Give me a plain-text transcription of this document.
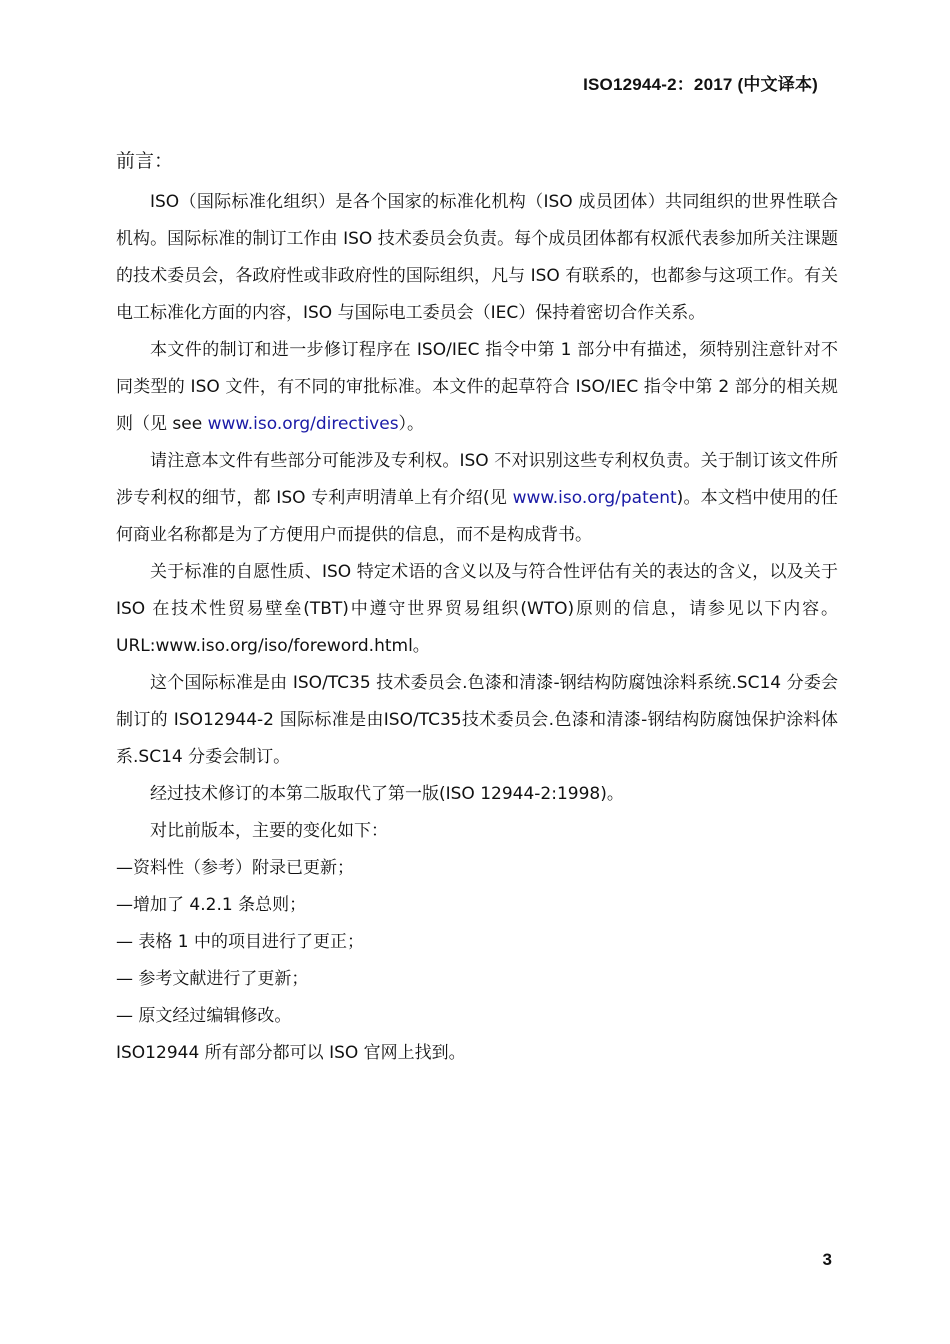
ISO12944-2：2017 (中文译本)
前言：

ISO（国际标准化组织）是各个国家的标准化机构（ISO 成员团体）共同组织的世界性联合机构。国际标准的制订工作由 ISO 技术委员会负责。每个成员团体都有权派代表参加所关注课题的技术委员会，各政府性或非政府性的国际组织，凡与 ISO 有联系的，也都参与这项工作。有关电工标准化方面的内容，ISO 与国际电工委员会（IEC）保持着密切合作关系。

本文件的制订和进一步修订程序在 ISO/IEC 指令中第 1 部分中有描述，须特别注意针对不同类型的 ISO 文件，有不同的审批标准。本文件的起草符合 ISO/IEC 指令中第 2 部分的相关规则（见 see www.iso.org/directives）。

请注意本文件有些部分可能涉及专利权。ISO 不对识别这些专利权负责。关于制订该文件所涉专利权的细节，都 ISO 专利声明清单上有介绍(见 www.iso.org/patent)。本文档中使用的任何商业名称都是为了方便用户而提供的信息，而不是构成背书。

关于标准的自愿性质、ISO 特定术语的含义以及与符合性评估有关的表达的含义，以及关于 ISO 在技术性贸易壁垒(TBT)中遵守世界贸易组织(WTO)原则的信息，请参见以下内容。URL:www.iso.org/iso/foreword.html。

这个国际标准是由 ISO/TC35 技术委员会.色漆和清漆-钢结构防腐蚀涂料系统.SC14 分委会制订的 ISO12944-2 国际标准是由ISO/TC35技术委员会.色漆和清漆-钢结构防腐蚀保护涂料体系.SC14 分委会制订。

经过技术修订的本第二版取代了第一版(ISO 12944-2:1998)。

对比前版本，主要的变化如下：

—资料性（参考）附录已更新；

—增加了 4.2.1 条总则；

— 表格 1 中的项目进行了更正；

— 参考文献进行了更新；

— 原文经过编辑修改。

ISO12944 所有部分都可以 ISO 官网上找到。

3
